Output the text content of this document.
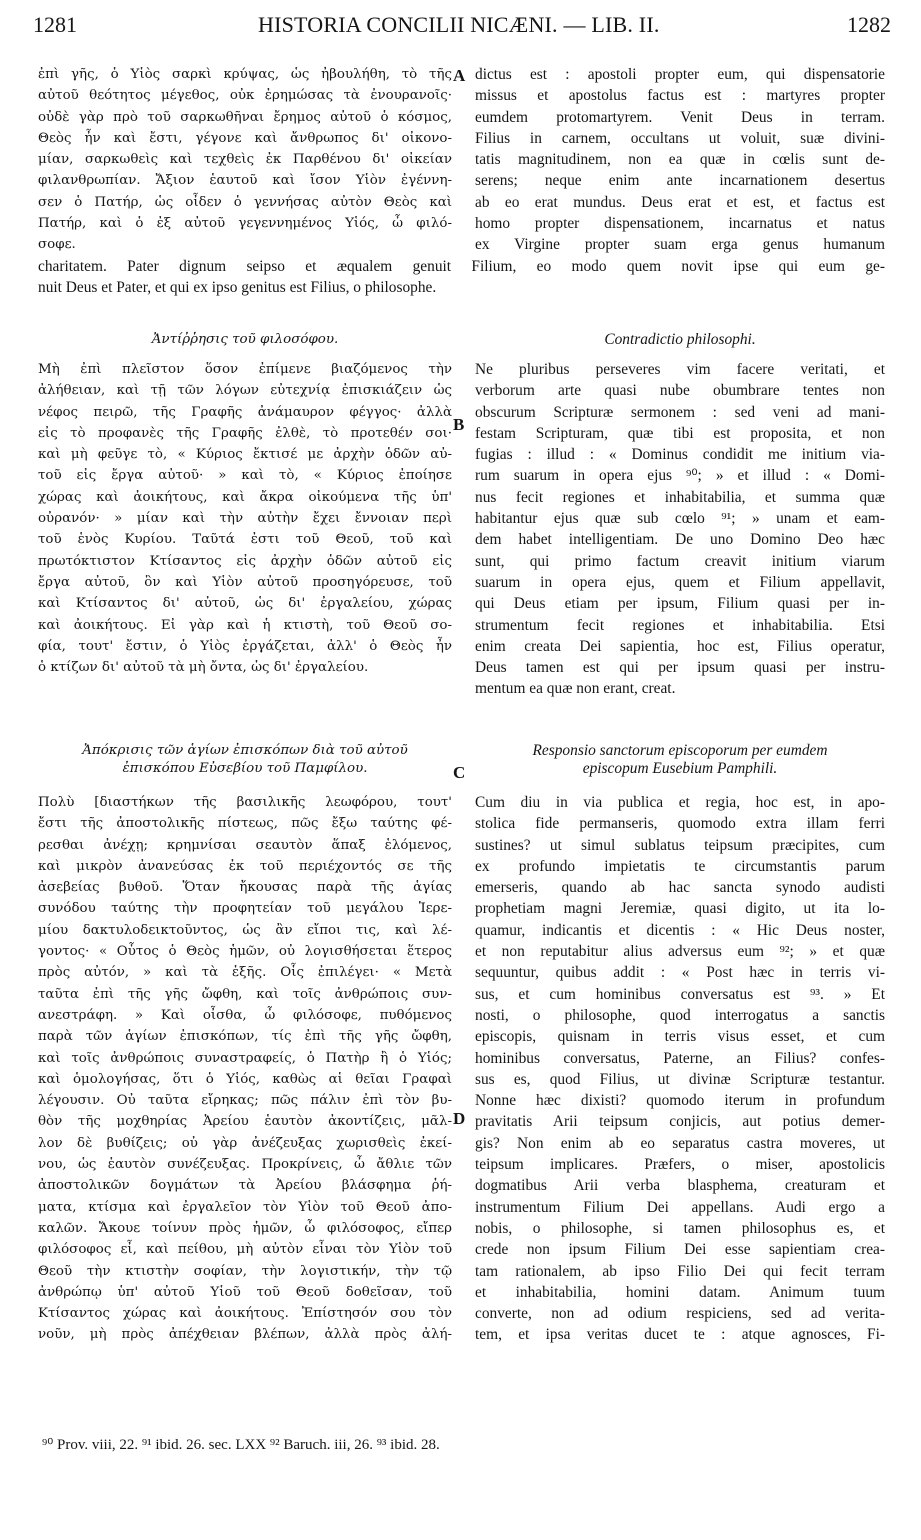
1281	HISTORIA CONCILII NICÆNI. — LIB. II.	1282
A
B
C
D
ἐπὶ γῆς, ὁ Υἱὸς σαρκὶ κρύψας, ὡς ἠβουλήθη, τὸ τῆς
αὐτοῦ θεότητος μέγεθος, οὐκ ἐρημώσας τὰ ἐνουρανοῖς·
οὐδὲ γὰρ πρὸ τοῦ σαρκωθῆναι ἔρημος αὐτοῦ ὁ κόσμος,
Θεὸς ἦν καὶ ἔστι, γέγονε καὶ ἄνθρωπος δι' οἰκονο-
μίαν, σαρκωθεὶς καὶ τεχθεὶς ἐκ Παρθένου δι' οἰκείαν
φιλανθρωπίαν. Ἄξιον ἑαυτοῦ καὶ ἴσον Υἱὸν ἐγέννη-
σεν ὁ Πατήρ, ὡς οἶδεν ὁ γεννήσας αὐτὸν Θεὸς καὶ
Πατήρ, καὶ ὁ ἐξ αὐτοῦ γεγεννημένος Υἱός, ὦ φιλό-
σοφε.
dictus est : apostoli propter eum, qui dispensatorie
missus et apostolus factus est : martyres propter
eumdem protomartyrem. Venit Deus in terram.
Filius in carnem, occultans ut voluit, suæ divini-
tatis magnitudinem, non ea quæ in cœlis sunt de-
serens; neque enim ante incarnationem desertus
ab eo erat mundus. Deus erat et est, et factus est
homo propter dispensationem, incarnatus et natus
ex Virgine propter suam erga genus humanum
charitatem. Pater dignum seipso et æqualem genuit Filium, eo modo quem novit ipse qui eum ge-
nuit Deus et Pater, et qui ex ipso genitus est Filius, o philosophe.
Ἀντίῤῥησις τοῦ φιλοσόφου.	Contradictio philosophi.
Μὴ ἐπὶ πλεῖστον ὅσον ἐπίμενε βιαζόμενος τὴν
ἀλήθειαν, καὶ τῇ τῶν λόγων εὐτεχνίᾳ ἐπισκιάζειν ὡς
νέφος πειρῶ, τῆς Γραφῆς ἀνάμαυρον φέγγος· ἀλλὰ
εἰς τὸ προφανὲς τῆς Γραφῆς ἐλθὲ, τὸ προτεθέν σοι·
καὶ μὴ φεῦγε τὸ, « Κύριος ἔκτισέ με ἀρχὴν ὁδῶν αὐ-
τοῦ εἰς ἔργα αὐτοῦ· » καὶ τὸ, « Κύριος ἐποίησε
χώρας καὶ ἀοικήτους, καὶ ἄκρα οἰκούμενα τῆς ὑπ'
οὐρανόν· » μίαν καὶ τὴν αὐτὴν ἔχει ἔννοιαν περὶ
τοῦ ἑνὸς Κυρίου. Ταῦτά ἐστι τοῦ Θεοῦ, τοῦ καὶ
πρωτόκτιστον Κτίσαντος εἰς ἀρχὴν ὁδῶν αὐτοῦ εἰς
ἔργα αὐτοῦ, ὃν καὶ Υἱὸν αὐτοῦ προσηγόρευσε, τοῦ
καὶ Κτίσαντος δι' αὐτοῦ, ὡς δι' ἐργαλείου, χώρας
καὶ ἀοικήτους. Εἰ γὰρ καὶ ἡ κτιστὴ, τοῦ Θεοῦ σο-
φία, τουτ' ἔστιν, ὁ Υἱὸς ἐργάζεται, ἀλλ' ὁ Θεὸς ἦν
ὁ κτίζων δι' αὐτοῦ τὰ μὴ ὄντα, ὡς δι' ἐργαλείου.
Ne pluribus perseveres vim facere veritati, et
verborum arte quasi nube obumbrare tentes non
obscurum Scripturæ sermonem : sed veni ad mani-
festam Scripturam, quæ tibi est proposita, et non
fugias : illud : « Dominus condidit me initium via-
rum suarum in opera ejus ⁹⁰; » et illud : « Domi-
nus fecit regiones et inhabitabilia, et summa quæ
habitantur ejus quæ sub cœlo ⁹¹; » unam et eam-
dem habet intelligentiam. De uno Domino Deo hæc
sunt, qui primo factum creavit initium viarum
suarum in opera ejus, quem et Filium appellavit,
qui Deus etiam per ipsum, Filium quasi per in-
strumentum fecit regiones et inhabitabilia. Etsi
enim creata Dei sapientia, hoc est, Filius operatur,
Deus tamen est qui per ipsum quasi per instru-
mentum ea quæ non erant, creat.
Ἀπόκρισις τῶν ἁγίων ἐπισκόπων διὰ τοῦ αὐτοῦ
ἐπισκόπου Εὐσεβίου τοῦ Παμφίλου.
Responsio sanctorum episcoporum per eumdem
episcopum Eusebium Pamphili.
Πολὺ [διαστήκων τῆς βασιλικῆς λεωφόρου, τουτ'
ἔστι τῆς ἀποστολικῆς πίστεως, πῶς ἔξω ταύτης φέ-
ρεσθαι ἀνέχῃ; κρημνίσαι σεαυτὸν ἅπαξ ἑλόμενος,
καὶ μικρὸν ἀνανεύσας ἐκ τοῦ περιέχοντός σε τῆς
ἀσεβείας βυθοῦ. Ὅταν ἤκουσας παρὰ τῆς ἁγίας
συνόδου ταύτης τὴν προφητείαν τοῦ μεγάλου Ἱερε-
μίου δακτυλοδεικτοῦντος, ὡς ἂν εἴποι τις, καὶ λέ-
γοντος· « Οὗτος ὁ Θεὸς ἡμῶν, οὐ λογισθήσεται ἕτερος
πρὸς αὐτόν, » καὶ τὰ ἑξῆς. Οἷς ἐπιλέγει· « Μετὰ
ταῦτα ἐπὶ τῆς γῆς ὤφθη, καὶ τοῖς ἀνθρώποις συν-
ανεστράφη. » Καὶ οἶσθα, ὦ φιλόσοφε, πυθόμενος
παρὰ τῶν ἁγίων ἐπισκόπων, τίς ἐπὶ τῆς γῆς ὤφθη,
καὶ τοῖς ἀνθρώποις συναστραφείς, ὁ Πατὴρ ἢ ὁ Υἱός;
καὶ ὁμολογήσας, ὅτι ὁ Υἱός, καθὼς αἱ θεῖαι Γραφαὶ
λέγουσιν. Οὐ ταῦτα εἴρηκας; πῶς πάλιν ἐπὶ τὸν βυ-
θὸν τῆς μοχθηρίας Ἀρείου ἑαυτὸν ἀκοντίζεις, μᾶλ-
λον δὲ βυθίζεις; οὐ γὰρ ἀνέζευξας χωρισθεὶς ἐκεί-
νου, ὡς ἑαυτὸν συνέζευξας. Προκρίνεις, ὦ ἄθλιε τῶν
ἀποστολικῶν δογμάτων τὰ Ἀρείου βλάσφημα ῥή-
ματα, κτίσμα καὶ ἐργαλεῖον τὸν Υἱὸν τοῦ Θεοῦ ἀπο-
καλῶν. Ἄκουε τοίνυν πρὸς ἡμῶν, ὦ φιλόσοφος, εἴπερ
φιλόσοφος εἶ, καὶ πείθου, μὴ αὐτὸν εἶναι τὸν Υἱὸν τοῦ
Θεοῦ τὴν κτιστὴν σοφίαν, τὴν λογιστικήν, τὴν τῷ
ἀνθρώπῳ ὑπ' αὐτοῦ Υἱοῦ τοῦ Θεοῦ δοθεῖσαν, τοῦ
Κτίσαντος χώρας καὶ ἀοικήτους. Ἐπίστησόν σου τὸν
νοῦν, μὴ πρὸς ἀπέχθειαν βλέπων, ἀλλὰ πρὸς ἀλή-
Cum diu in via publica et regia, hoc est, in apo-
stolica fide permanseris, quomodo extra illam ferri
sustines? ut simul sublatus teipsum præcipites, cum
ex profundo impietatis te circumstantis parum
emerseris, quando ab hac sancta synodo audisti
prophetiam magni Jeremiæ, quasi digito, ut ita lo-
quamur, indicantis et dicentis : « Hic Deus noster,
et non reputabitur alius adversus eum ⁹²; » et quæ
sequuntur, quibus addit : « Post hæc in terris vi-
sus, et cum hominibus conversatus est ⁹³. » Et
nosti, o philosophe, quod interrogatus a sanctis
episcopis, quisnam in terris visus esset, et cum
hominibus conversatus, Paterne, an Filius? confes-
sus es, quod Filius, ut divinæ Scripturæ testantur.
Nonne hæc dixisti? quomodo iterum in profundum
pravitatis Arii teipsum conjicis, aut potius demer-
gis? Non enim ab eo separatus castra moveres, ut
teipsum implicares. Præfers, o miser, apostolicis
dogmatibus Arii verba blasphema, creaturam et
instrumentum Filium Dei appellans. Audi ergo a
nobis, o philosophe, si tamen philosophus es, et
crede non ipsum Filium Dei esse sapientiam crea-
tam rationalem, ab ipso Filio Dei qui fecit terram
et inhabitabilia, homini datam. Animum tuum
converte, non ad odium respiciens, sed ad verita-
tem, et ipsa veritas ducet te : atque agnosces, Fi-
⁹⁰ Prov. viii, 22. ⁹¹ ibid. 26. sec. LXX ⁹² Baruch. iii, 26. ⁹³ ibid. 28.
